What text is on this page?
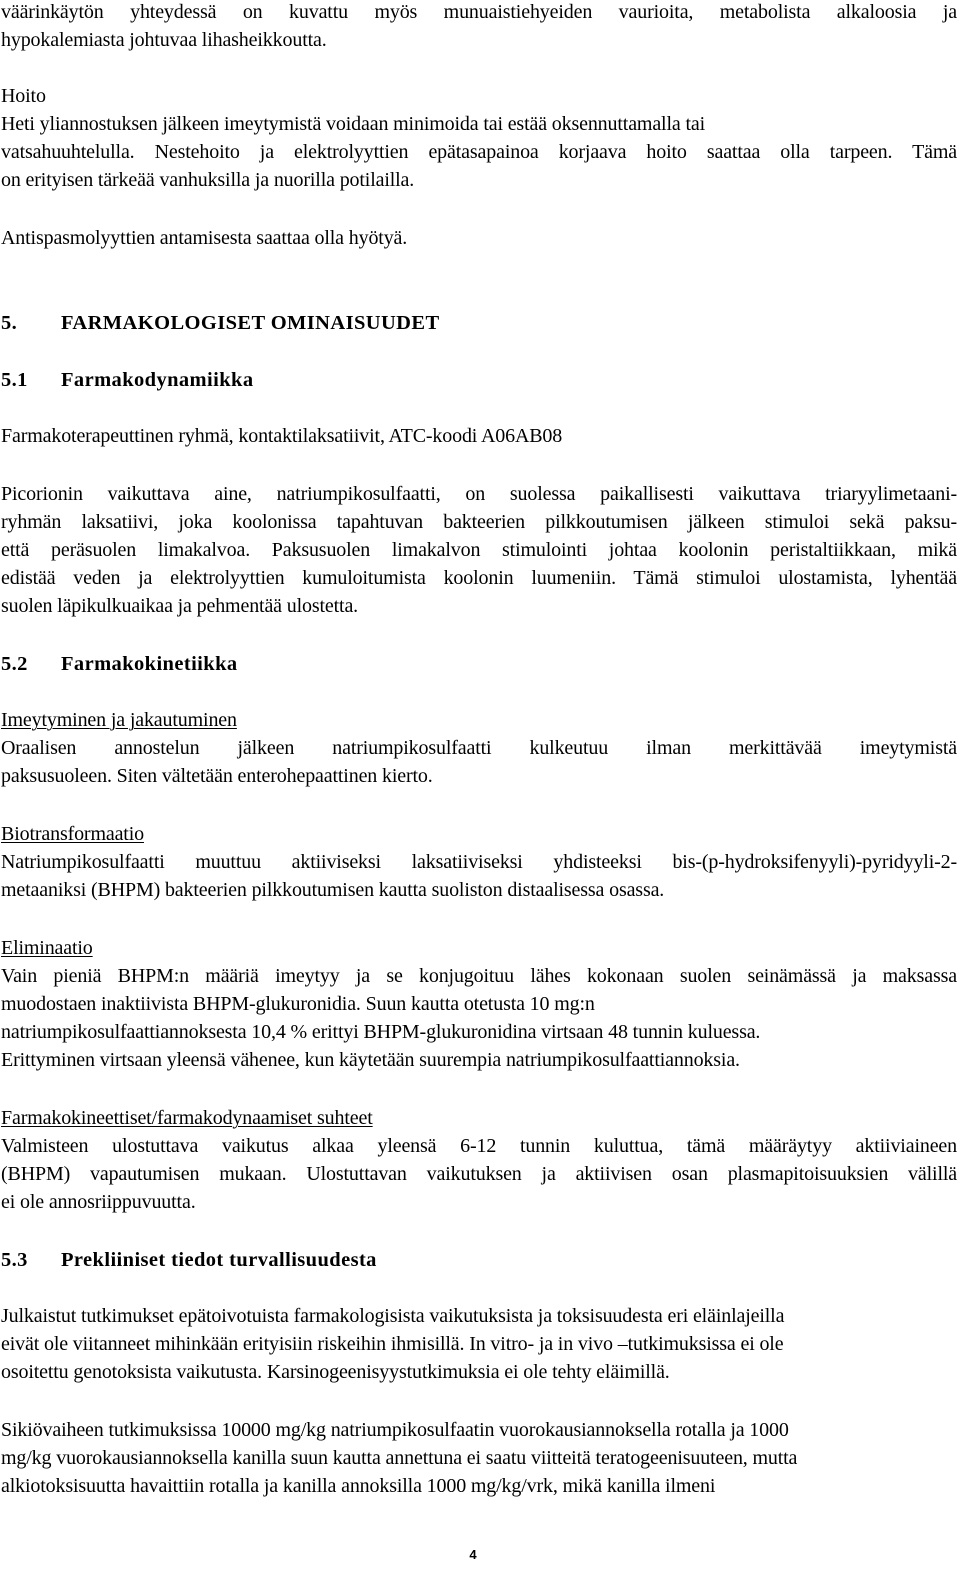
väärinkäytön yhteydessä on kuvattu myös munuaistiehyeiden vaurioita, metabolista alkaloosia ja
hypokalemiasta johtuvaa lihasheikkoutta.
Hoito
Heti yliannostuksen jälkeen imeytymistä voidaan minimoida tai estää oksennuttamalla tai
vatsahuuhtelulla. Nestehoito ja elektrolyyttien epätasapainoa korjaava hoito saattaa olla tarpeen. Tämä
on erityisen tärkeää vanhuksilla ja nuorilla potilailla.
Antispasmolyyttien antamisesta saattaa olla hyötyä.
5. FARMAKOLOGISET OMINAISUUDET
5.1 Farmakodynamiikka
Farmakoterapeuttinen ryhmä, kontaktilaksatiivit, ATC-koodi A06AB08
Picorionin vaikuttava aine, natriumpikosulfaatti, on suolessa paikallisesti vaikuttava triaryylimetaani-
ryhmän laksatiivi, joka koolonissa tapahtuvan bakteerien pilkkoutumisen jälkeen stimuloi sekä paksu-
että peräsuolen limakalvoa. Paksusuolen limakalvon stimulointi johtaa koolonin peristaltiikkaan, mikä
edistää veden ja elektrolyyttien kumuloitumista koolonin luumeniin. Tämä stimuloi ulostamista, lyhentää
suolen läpikulkuaikaa ja pehmentää ulostetta.
5.2 Farmakokinetiikka
Imeytyminen ja jakautuminen
Oraalisen annostelun jälkeen natriumpikosulfaatti kulkeutuu ilman merkittävää imeytymistä
paksusuoleen. Siten vältetään enterohepaattinen kierto.
Biotransformaatio
Natriumpikosulfaatti muuttuu aktiiviseksi laksatiiviseksi yhdisteeksi bis-(p-hydroksifenyyli)-pyridyyli-2-
metaaniksi (BHPM) bakteerien pilkkoutumisen kautta suoliston distaalisessa osassa.
Eliminaatio
Vain pieniä BHPM:n määriä imeytyy ja se konjugoituu lähes kokonaan suolen seinämässä ja maksassa
muodostaen inaktiivista BHPM-glukuronidia. Suun kautta otetusta 10 mg:n
natriumpikosulfaattiannoksesta 10,4 % erittyi BHPM-glukuronidina virtsaan 48 tunnin kuluessa.
Erittyminen virtsaan yleensä vähenee, kun käytetään suurempia natriumpikosulfaattiannoksia.
Farmakokineettiset/farmakodynaamiset suhteet
Valmisteen ulostuttava vaikutus alkaa yleensä 6-12 tunnin kuluttua, tämä määräytyy aktiiviaineen
(BHPM) vapautumisen mukaan. Ulostuttavan vaikutuksen ja aktiivisen osan plasmapitoisuuksien välillä
ei ole annosriippuvuutta.
5.3 Prekliiniset tiedot turvallisuudesta
Julkaistut tutkimukset epätoivotuista farmakologisista vaikutuksista ja toksisuudesta eri eläinlajeilla
eivät ole viitanneet mihinkään erityisiin riskeihin ihmisillä. In vitro- ja in vivo –tutkimuksissa ei ole
osoitettu genotoksista vaikutusta. Karsinogeenisyystutkimuksia ei ole tehty eläimillä.
Sikiövaiheen tutkimuksissa 10000 mg/kg natriumpikosulfaatin vuorokausiannoksella rotalla ja 1000
mg/kg vuorokausiannoksella kanilla suun kautta annettuna ei saatu viitteitä teratogeenisuuteen, mutta
alkiotoksisuutta havaittiin rotalla ja kanilla annoksilla 1000 mg/kg/vrk, mikä kanilla ilmeni
4
